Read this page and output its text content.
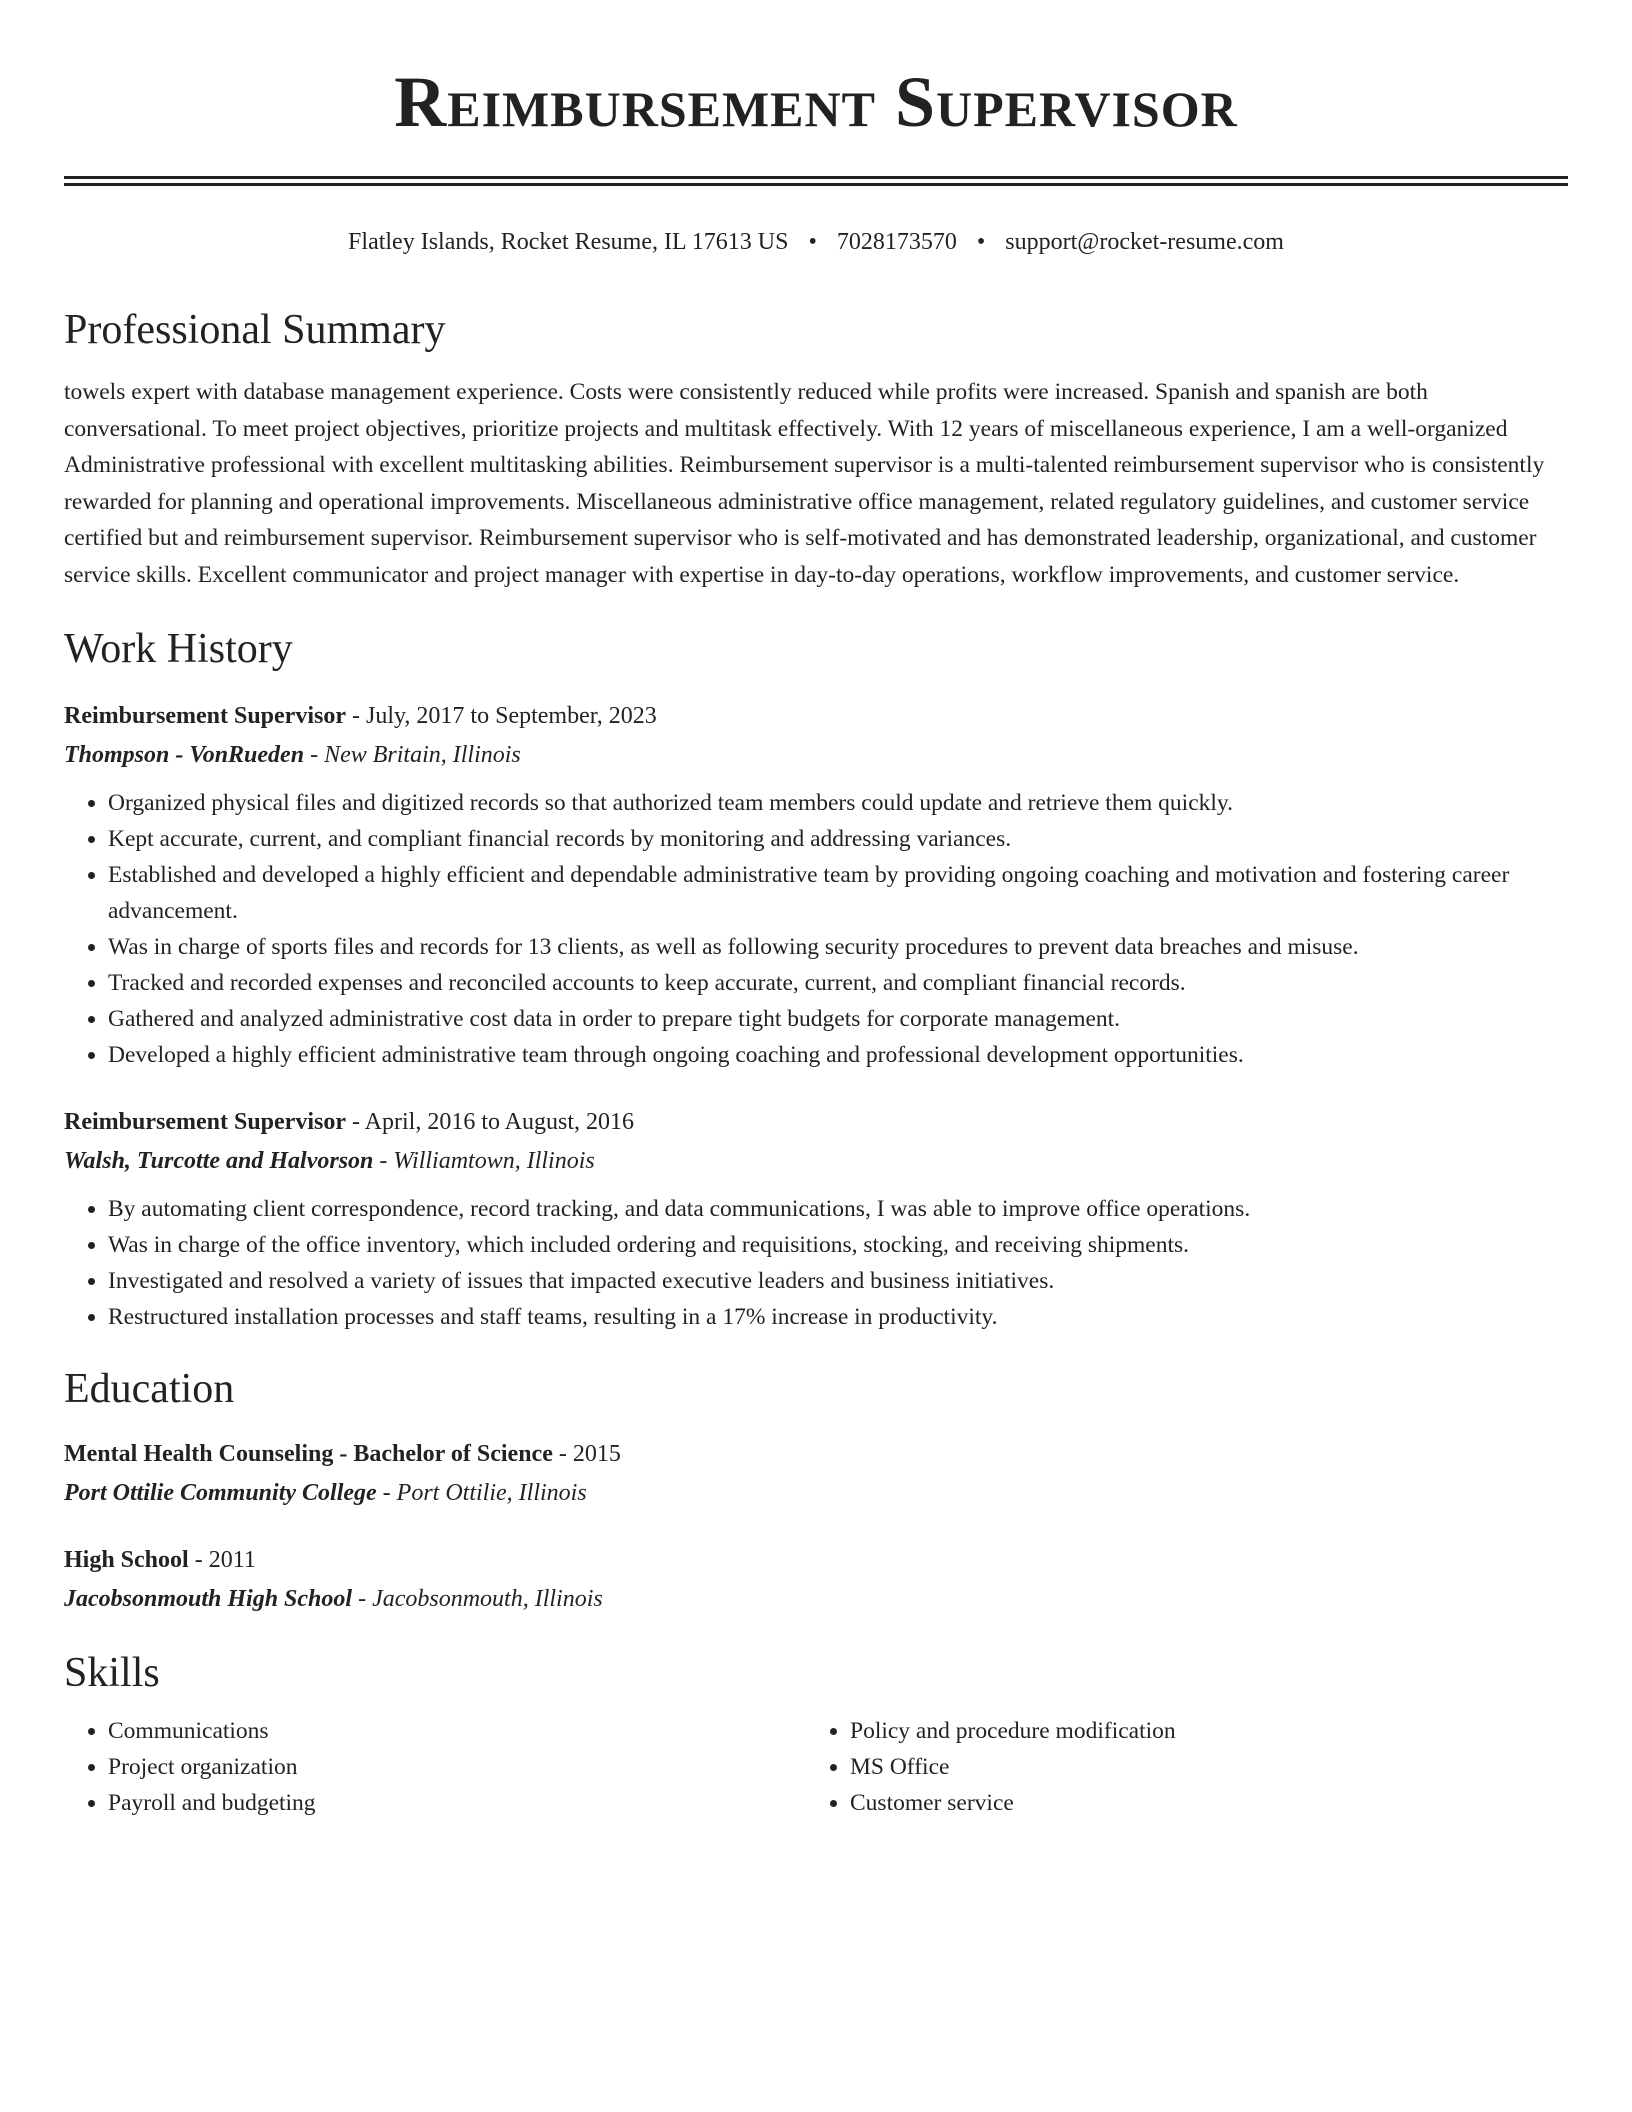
Reimbursement Supervisor
Flatley Islands, Rocket Resume, IL 17613 US • 7028173570 • support@rocket-resume.com
Professional Summary
towels expert with database management experience. Costs were consistently reduced while profits were increased. Spanish and spanish are both conversational. To meet project objectives, prioritize projects and multitask effectively. With 12 years of miscellaneous experience, I am a well-organized Administrative professional with excellent multitasking abilities. Reimbursement supervisor is a multi-talented reimbursement supervisor who is consistently rewarded for planning and operational improvements. Miscellaneous administrative office management, related regulatory guidelines, and customer service certified but and reimbursement supervisor. Reimbursement supervisor who is self-motivated and has demonstrated leadership, organizational, and customer service skills. Excellent communicator and project manager with expertise in day-to-day operations, workflow improvements, and customer service.
Work History
Reimbursement Supervisor - July, 2017 to September, 2023
Thompson - VonRueden - New Britain, Illinois
• Organized physical files and digitized records so that authorized team members could update and retrieve them quickly.
• Kept accurate, current, and compliant financial records by monitoring and addressing variances.
• Established and developed a highly efficient and dependable administrative team by providing ongoing coaching and motivation and fostering career advancement.
• Was in charge of sports files and records for 13 clients, as well as following security procedures to prevent data breaches and misuse.
• Tracked and recorded expenses and reconciled accounts to keep accurate, current, and compliant financial records.
• Gathered and analyzed administrative cost data in order to prepare tight budgets for corporate management.
• Developed a highly efficient administrative team through ongoing coaching and professional development opportunities.
Reimbursement Supervisor - April, 2016 to August, 2016
Walsh, Turcotte and Halvorson - Williamtown, Illinois
• By automating client correspondence, record tracking, and data communications, I was able to improve office operations.
• Was in charge of the office inventory, which included ordering and requisitions, stocking, and receiving shipments.
• Investigated and resolved a variety of issues that impacted executive leaders and business initiatives.
• Restructured installation processes and staff teams, resulting in a 17% increase in productivity.
Education
Mental Health Counseling - Bachelor of Science - 2015
Port Ottilie Community College - Port Ottilie, Illinois
High School - 2011
Jacobsonmouth High School - Jacobsonmouth, Illinois
Skills
• Communications
• Project organization
• Payroll and budgeting
• Policy and procedure modification
• MS Office
• Customer service
